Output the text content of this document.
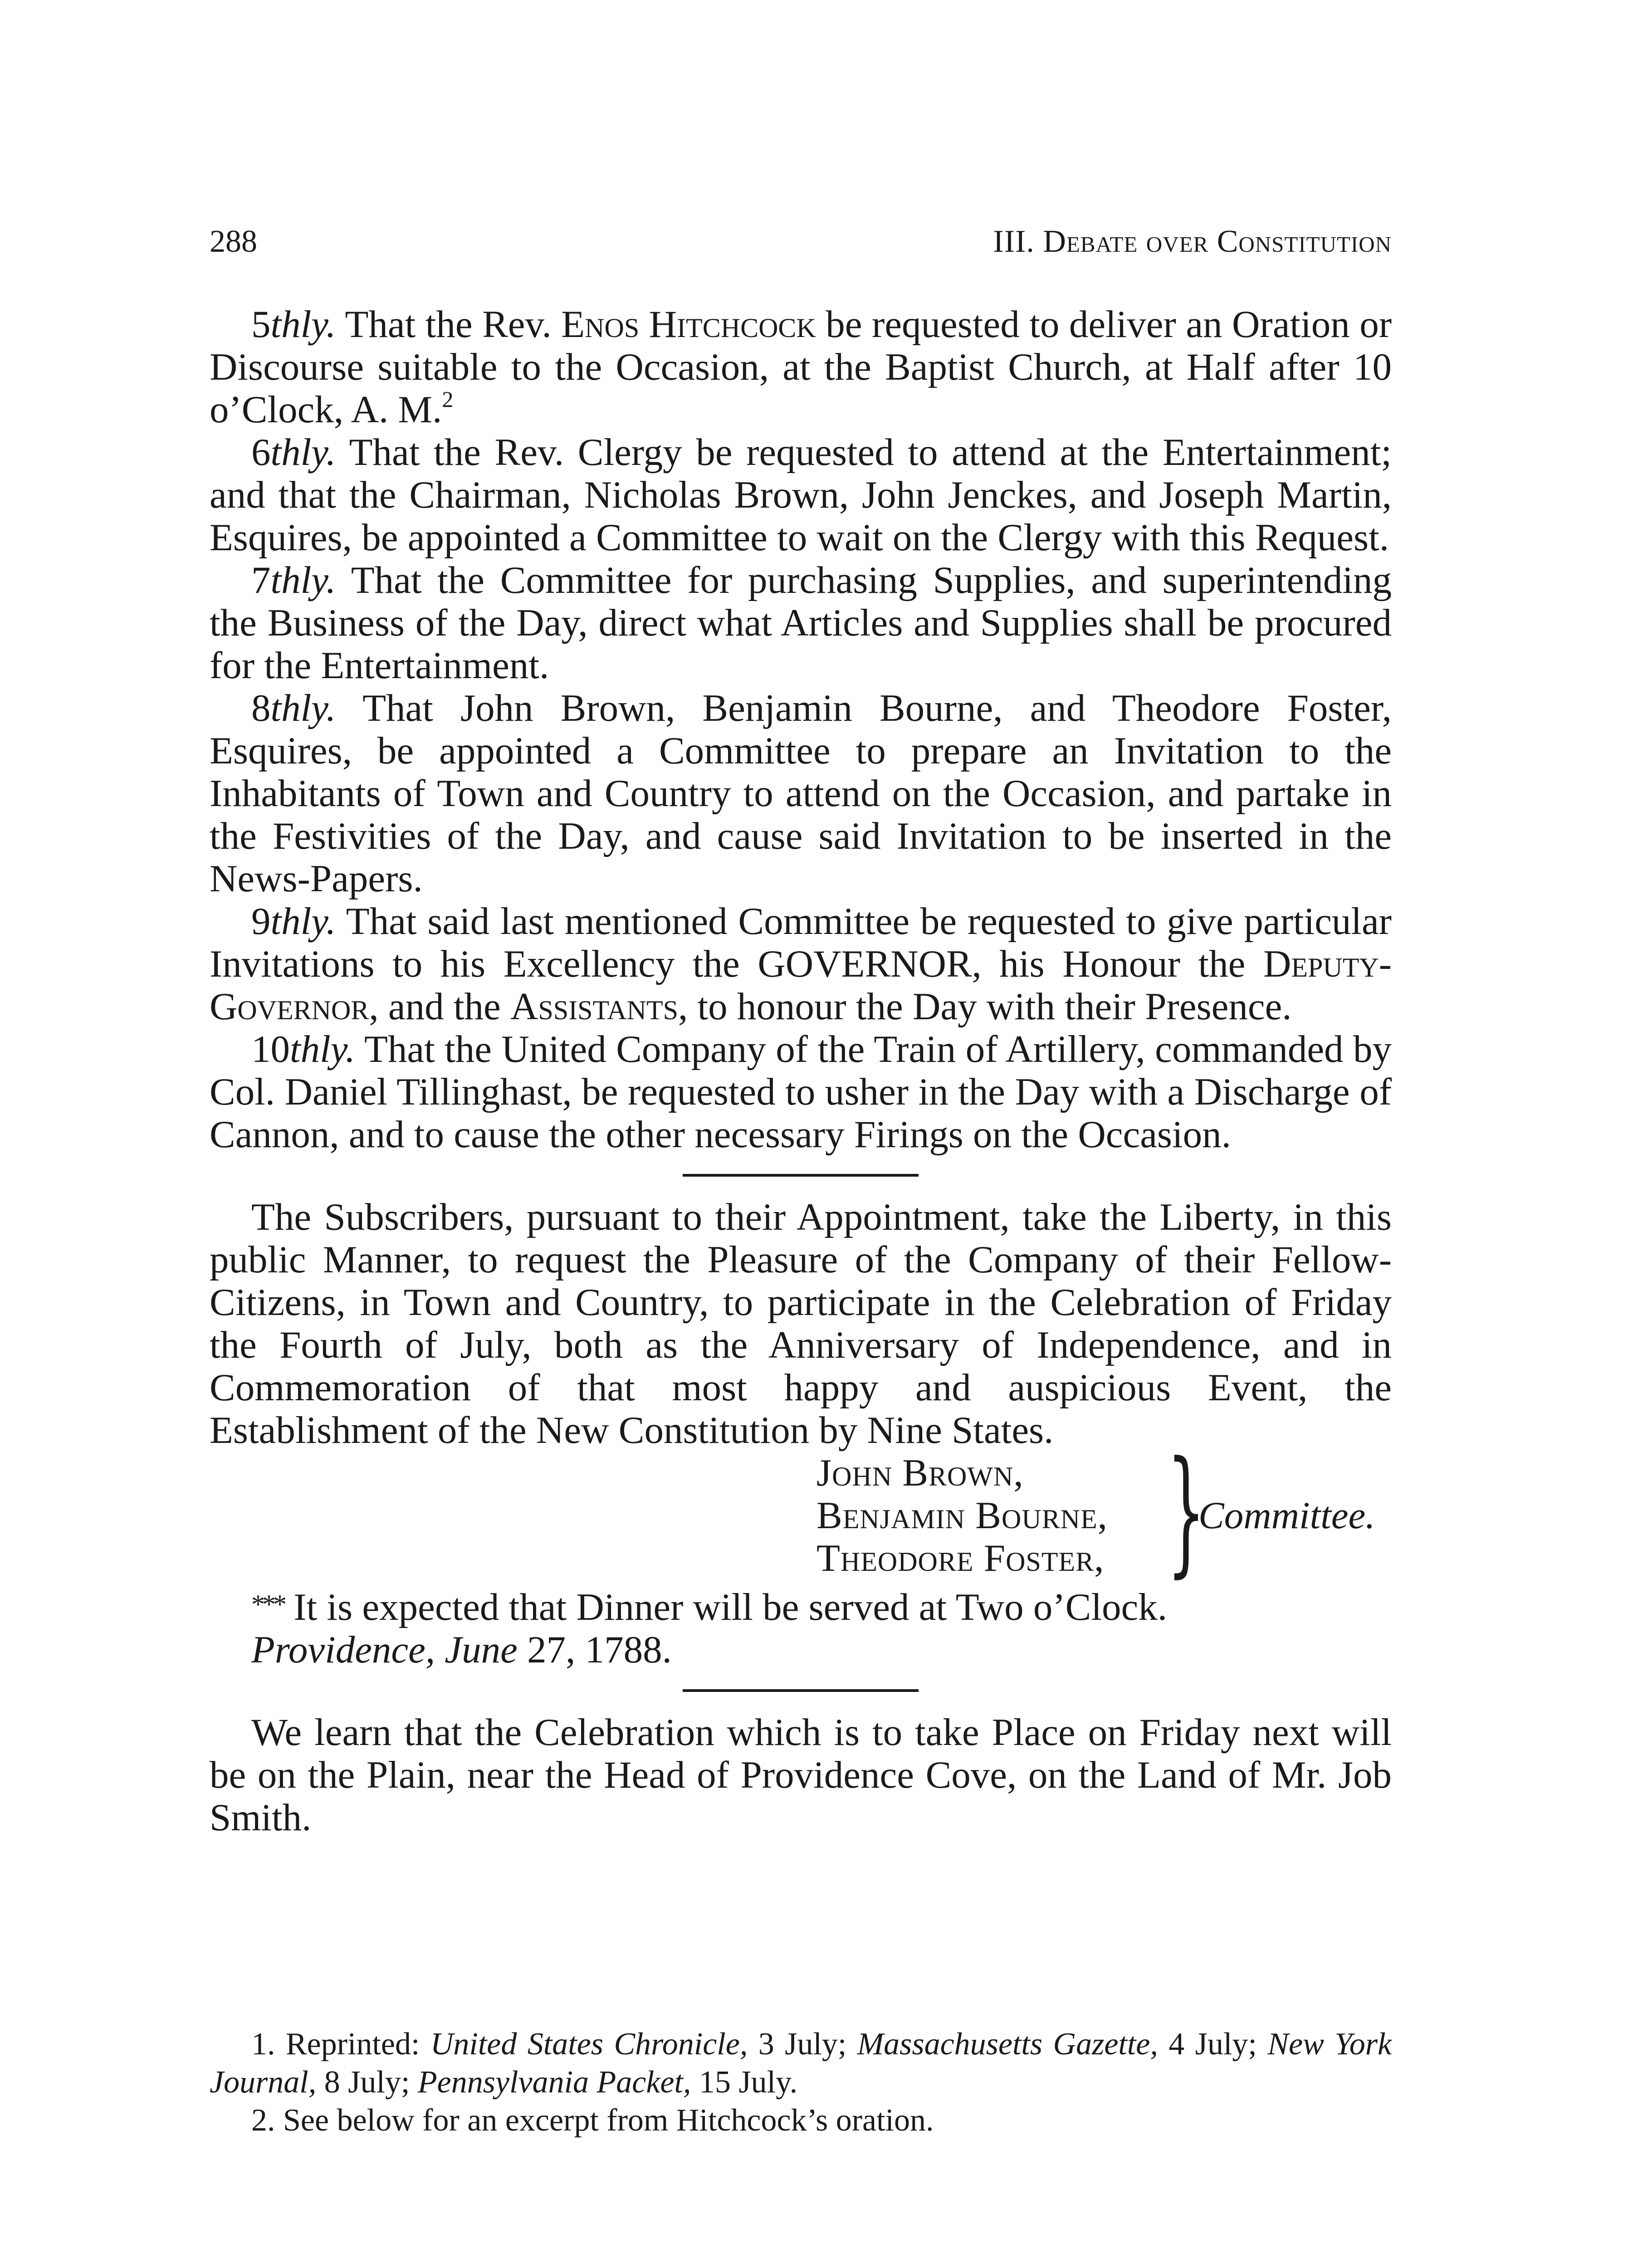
288	III. Debate over Constitution

5thly. That the Rev. Enos Hitchcock be requested to deliver an Oration or Discourse suitable to the Occasion, at the Baptist Church, at Half after 10 o’Clock, A. M.$^2$

6thly. That the Rev. Clergy be requested to attend at the Entertainment; and that the Chairman, Nicholas Brown, John Jenckes, and Joseph Martin, Esquires, be appointed a Committee to wait on the Clergy with this Request.

7thly. That the Committee for purchasing Supplies, and superintending the Business of the Day, direct what Articles and Supplies shall be procured for the Entertainment.

8thly. That John Brown, Benjamin Bourne, and Theodore Foster, Esquires, be appointed a Committee to prepare an Invitation to the Inhabitants of Town and Country to attend on the Occasion, and partake in the Festivities of the Day, and cause said Invitation to be inserted in the News-Papers.

9thly. That said last mentioned Committee be requested to give particular Invitations to his Excellency the GOVERNOR, his Honour the Deputy-Governor, and the Assistants, to honour the Day with their Presence.

10thly. That the United Company of the Train of Artillery, commanded by Col. Daniel Tillinghast, be requested to usher in the Day with a Discharge of Cannon, and to cause the other necessary Firings on the Occasion.

The Subscribers, pursuant to their Appointment, take the Liberty, in this public Manner, to request the Pleasure of the Company of their Fellow-Citizens, in Town and Country, to participate in the Celebration of Friday the Fourth of July, both as the Anniversary of Independence, and in Commemoration of that most happy and auspicious Event, the Establishment of the New Constitution by Nine States.

John Brown,
Benjamin Bourne,
Theodore Foster, }
Committee.

*** It is expected that Dinner will be served at Two o’Clock.

Providence, June 27, 1788.

We learn that the Celebration which is to take Place on Friday next will be on the Plain, near the Head of Providence Cove, on the Land of Mr. Job Smith.

1. Reprinted: United States Chronicle, 3 July; Massachusetts Gazette, 4 July; New York Journal, 8 July; Pennsylvania Packet, 15 July.

2. See below for an excerpt from Hitchcock’s oration.
